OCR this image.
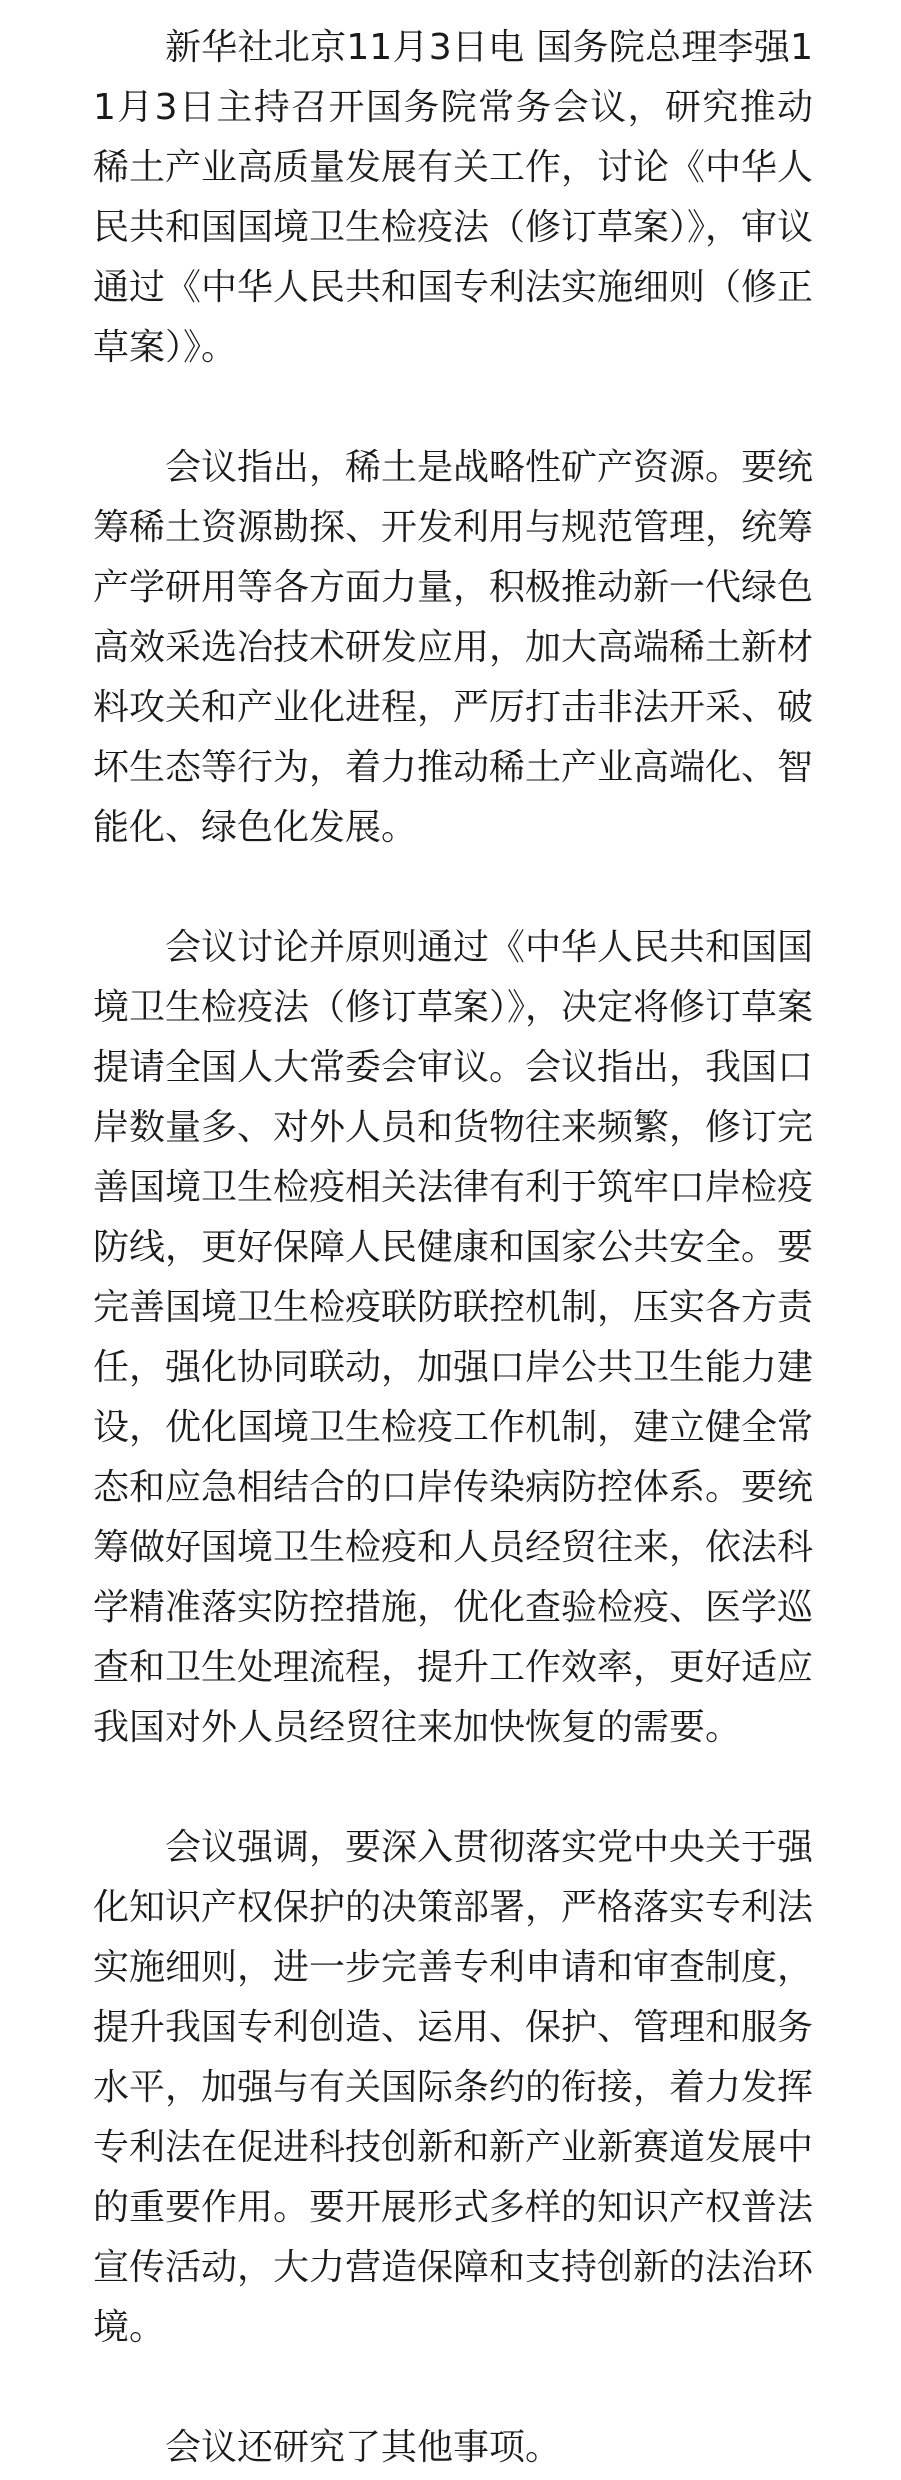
新华社北京11月3日电 国务院总理李强11月3日主持召开国务院常务会议，研究推动稀土产业高质量发展有关工作，讨论《中华人民共和国国境卫生检疫法（修订草案）》，审议通过《中华人民共和国专利法实施细则（修正草案）》。

会议指出，稀土是战略性矿产资源。要统筹稀土资源勘探、开发利用与规范管理，统筹产学研用等各方面力量，积极推动新一代绿色高效采选冶技术研发应用，加大高端稀土新材料攻关和产业化进程，严厉打击非法开采、破坏生态等行为，着力推动稀土产业高端化、智能化、绿色化发展。

会议讨论并原则通过《中华人民共和国国境卫生检疫法（修订草案）》，决定将修订草案提请全国人大常委会审议。会议指出，我国口岸数量多、对外人员和货物往来频繁，修订完善国境卫生检疫相关法律有利于筑牢口岸检疫防线，更好保障人民健康和国家公共安全。要完善国境卫生检疫联防联控机制，压实各方责任，强化协同联动，加强口岸公共卫生能力建设，优化国境卫生检疫工作机制，建立健全常态和应急相结合的口岸传染病防控体系。要统筹做好国境卫生检疫和人员经贸往来，依法科学精准落实防控措施，优化查验检疫、医学巡查和卫生处理流程，提升工作效率，更好适应我国对外人员经贸往来加快恢复的需要。

会议强调，要深入贯彻落实党中央关于强化知识产权保护的决策部署，严格落实专利法实施细则，进一步完善专利申请和审查制度，提升我国专利创造、运用、保护、管理和服务水平，加强与有关国际条约的衔接，着力发挥专利法在促进科技创新和新产业新赛道发展中的重要作用。要开展形式多样的知识产权普法宣传活动，大力营造保障和支持创新的法治环境。

会议还研究了其他事项。
